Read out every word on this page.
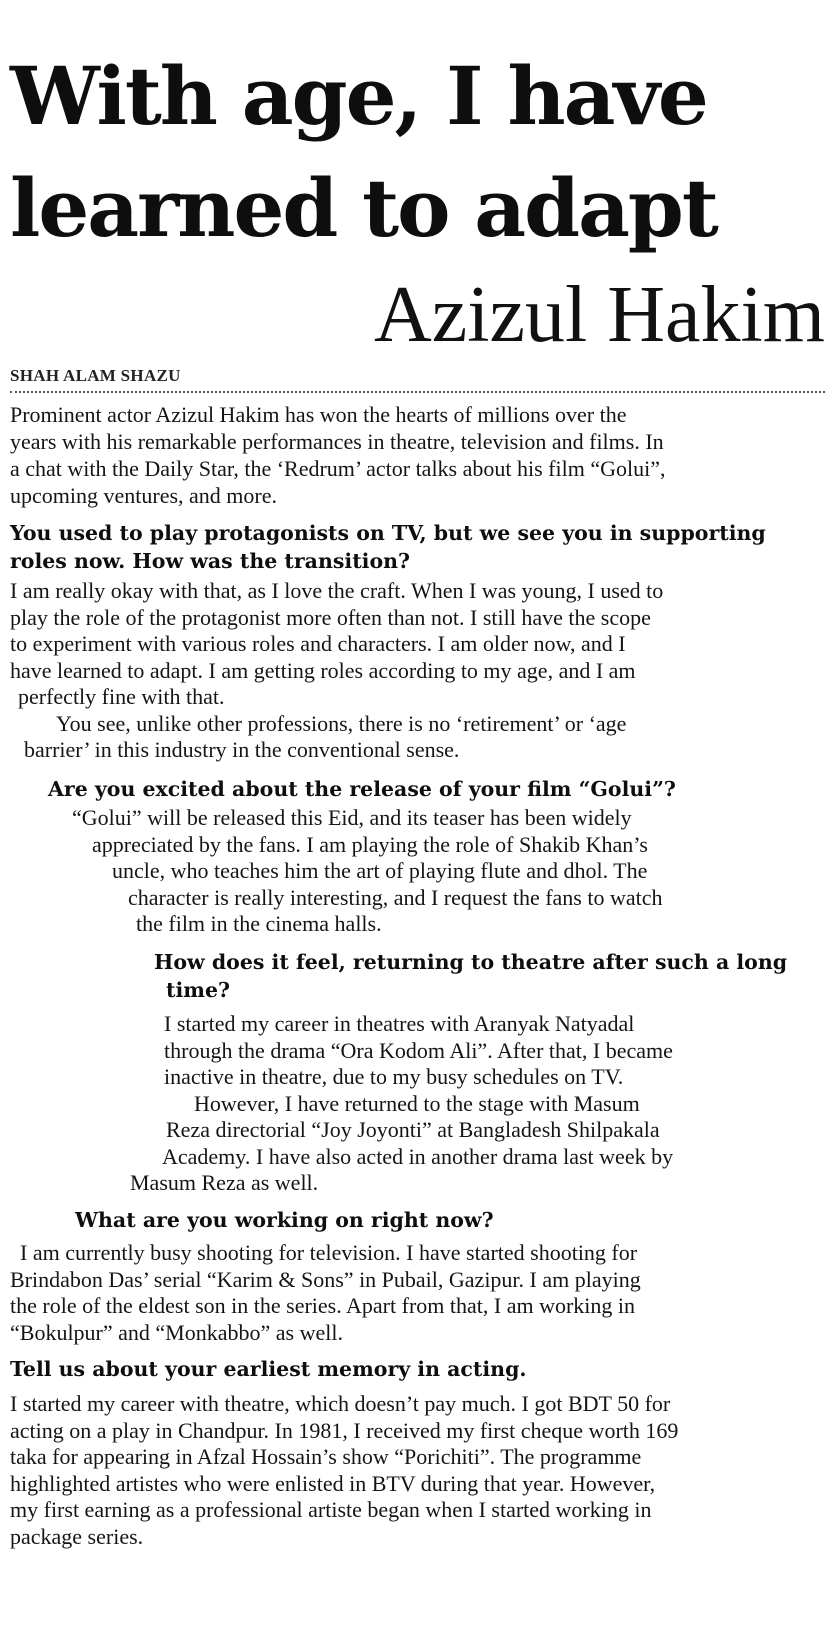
With age, I have
learned to adapt
Azizul Hakim
SHAH ALAM SHAZU

Prominent actor Azizul Hakim has won the hearts of millions over the
years with his remarkable performances in theatre, television and films. In
a chat with the Daily Star, the ‘Redrum’ actor talks about his film “Golui”,
upcoming ventures, and more.

You used to play protagonists on TV, but we see you in supporting
roles now. How was the transition?

I am really okay with that, as I love the craft. When I was young, I used to
play the role of the protagonist more often than not. I still have the scope
to experiment with various roles and characters. I am older now, and I
have learned to adapt. I am getting roles according to my age, and I am
perfectly fine with that.
You see, unlike other professions, there is no ‘retirement’ or ‘age
barrier’ in this industry in the conventional sense.

Are you excited about the release of your film “Golui”?

“Golui” will be released this Eid, and its teaser has been widely
appreciated by the fans. I am playing the role of Shakib Khan’s
uncle, who teaches him the art of playing flute and dhol. The
character is really interesting, and I request the fans to watch
the film in the cinema halls.

How does it feel, returning to theatre after such a long
time?

I started my career in theatres with Aranyak Natyadal
through the drama “Ora Kodom Ali”. After that, I became
inactive in theatre, due to my busy schedules on TV.
However, I have returned to the stage with Masum
Reza directorial “Joy Joyonti” at Bangladesh Shilpakala
Academy. I have also acted in another drama last week by
Masum Reza as well.

What are you working on right now?

I am currently busy shooting for television. I have started shooting for
Brindabon Das’ serial “Karim & Sons” in Pubail, Gazipur. I am playing
the role of the eldest son in the series. Apart from that, I am working in
“Bokulpur” and “Monkabbo” as well.

Tell us about your earliest memory in acting.

I started my career with theatre, which doesn’t pay much. I got BDT 50 for
acting on a play in Chandpur. In 1981, I received my first cheque worth 169
taka for appearing in Afzal Hossain’s show “Porichiti”. The programme
highlighted artistes who were enlisted in BTV during that year. However,
my first earning as a professional artiste began when I started working in
package series.
